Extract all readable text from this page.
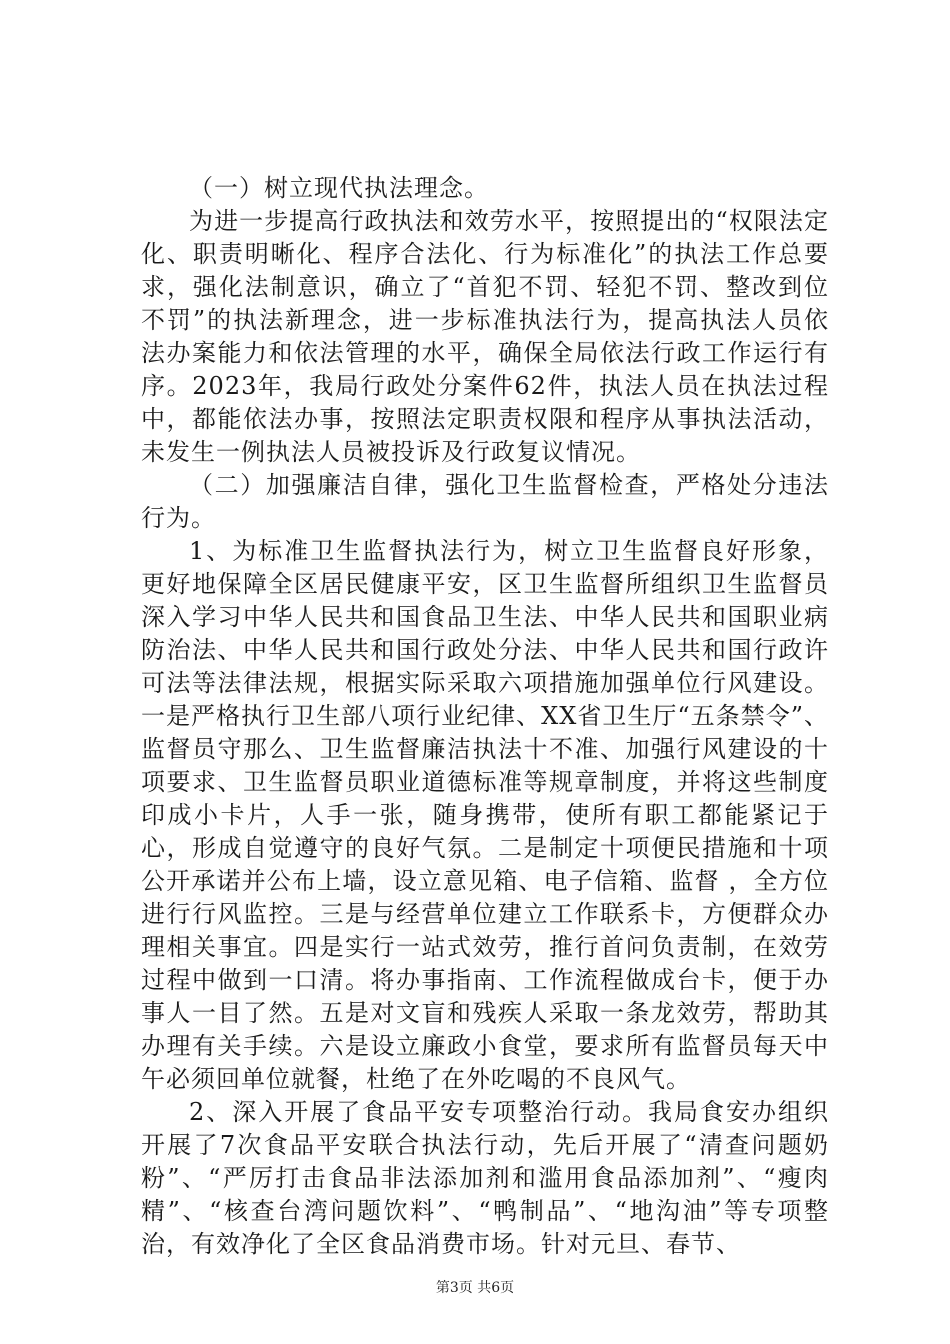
（一）树立现代执法理念。

为进一步提高行政执法和效劳水平，按照提出的“权限法定化、职责明晰化、程序合法化、行为标准化”的执法工作总要求，强化法制意识，确立了“首犯不罚、轻犯不罚、整改到位不罚”的执法新理念，进一步标准执法行为，提高执法人员依法办案能力和依法管理的水平，确保全局依法行政工作运行有序。2023年，我局行政处分案件62件，执法人员在执法过程中，都能依法办事，按照法定职责权限和程序从事执法活动，未发生一例执法人员被投诉及行政复议情况。

（二）加强廉洁自律，强化卫生监督检查，严格处分违法行为。

1、为标准卫生监督执法行为，树立卫生监督良好形象，更好地保障全区居民健康平安，区卫生监督所组织卫生监督员深入学习中华人民共和国食品卫生法、中华人民共和国职业病防治法、中华人民共和国行政处分法、中华人民共和国行政许可法等法律法规，根据实际采取六项措施加强单位行风建设。一是严格执行卫生部八项行业纪律、XX省卫生厅“五条禁令”、监督员守那么、卫生监督廉洁执法十不准、加强行风建设的十项要求、卫生监督员职业道德标准等规章制度，并将这些制度印成小卡片，人手一张，随身携带，使所有职工都能紧记于心，形成自觉遵守的良好气氛。二是制定十项便民措施和十项公开承诺并公布上墙，设立意见箱、电子信箱、监督 ，全方位进行行风监控。三是与经营单位建立工作联系卡，方便群众办理相关事宜。四是实行一站式效劳，推行首问负责制，在效劳过程中做到一口清。将办事指南、工作流程做成台卡，便于办事人一目了然。五是对文盲和残疾人采取一条龙效劳，帮助其办理有关手续。六是设立廉政小食堂，要求所有监督员每天中午必须回单位就餐，杜绝了在外吃喝的不良风气。

2、深入开展了食品平安专项整治行动。我局食安办组织开展了7次食品平安联合执法行动，先后开展了“清查问题奶粉”、“严厉打击食品非法添加剂和滥用食品添加剂”、“瘦肉精”、“核查台湾问题饮料”、“鸭制品”、“地沟油”等专项整治，有效净化了全区食品消费市场。针对元旦、春节、

第3页 共6页
